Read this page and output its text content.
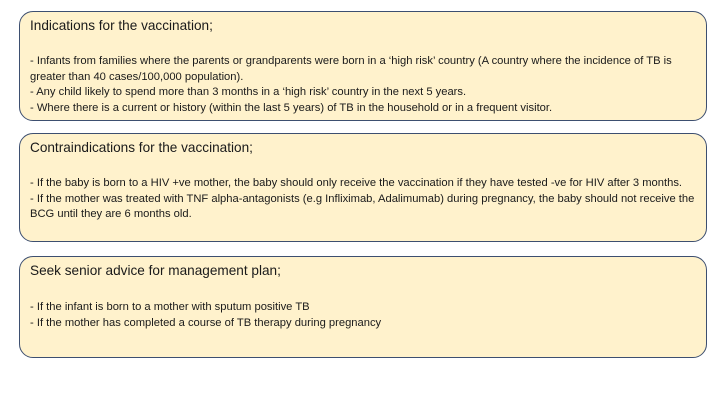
Indications for the vaccination;

- Infants from families where the parents or grandparents were born in a ‘high risk’ country (A country where the incidence of TB is greater than 40 cases/100,000 population).

- Any child likely to spend more than 3 months in a ‘high risk’ country in the next 5 years.

- Where there is a current or history (within the last 5 years) of TB in the household or in a frequent visitor.

Contraindications for the vaccination;

- If the baby is born to a HIV +ve mother, the baby should only receive the vaccination if they have tested -ve for HIV after 3 months.

- If the mother was treated with TNF alpha-antagonists (e.g Infliximab, Adalimumab) during pregnancy, the baby should not receive the BCG until they are 6 months old.

Seek senior advice for management plan;

- If the infant is born to a mother with sputum positive TB

- If the mother has completed a course of TB therapy during pregnancy
